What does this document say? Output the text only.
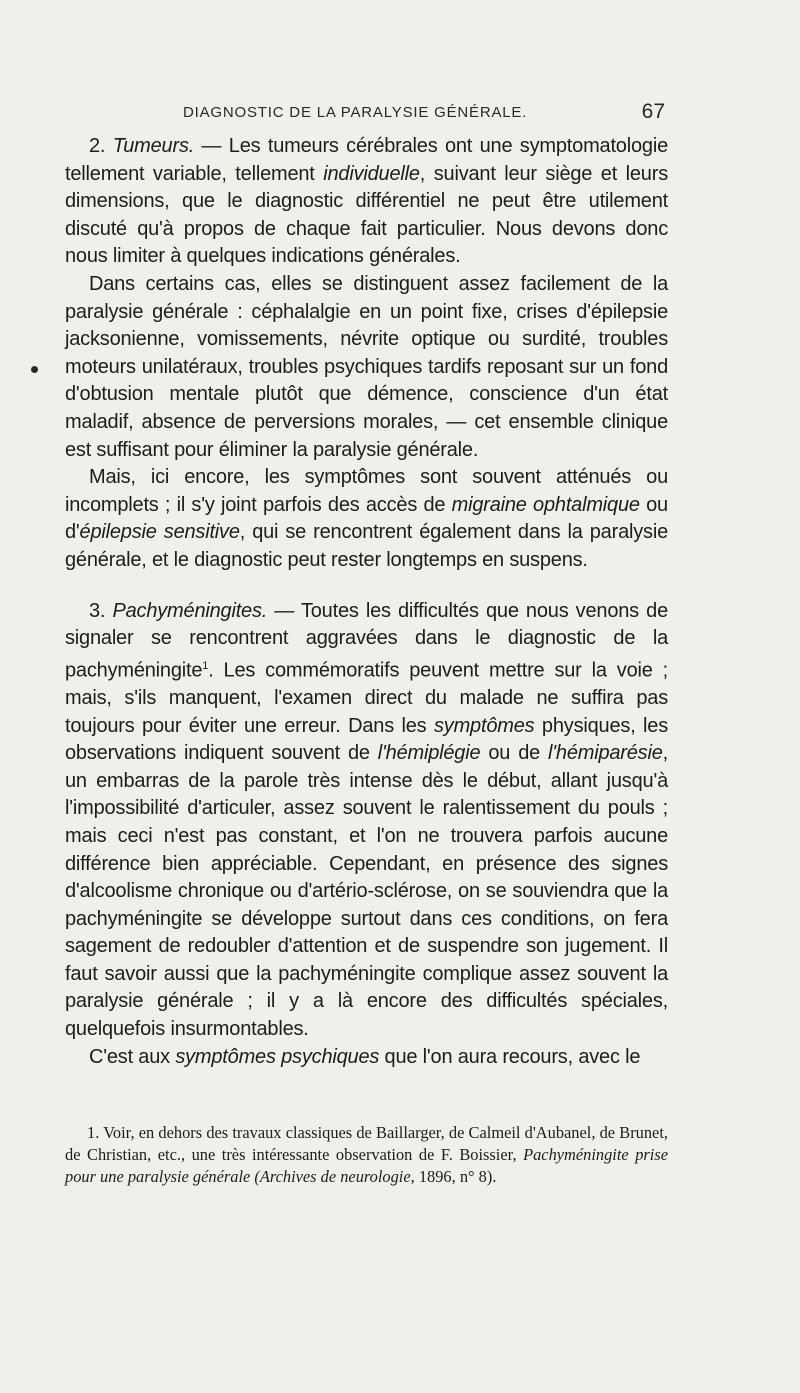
DIAGNOSTIC DE LA PARALYSIE GÉNÉRALE.	67

2. Tumeurs. — Les tumeurs cérébrales ont une symptomatologie tellement variable, tellement individuelle, suivant leur siège et leurs dimensions, que le diagnostic différentiel ne peut être utilement discuté qu'à propos de chaque fait particulier. Nous devons donc nous limiter à quelques indications générales.

Dans certains cas, elles se distinguent assez facilement de la paralysie générale : céphalalgie en un point fixe, crises d'épilepsie jacksonienne, vomissements, névrite optique ou surdité, troubles moteurs unilatéraux, troubles psychiques tardifs reposant sur un fond d'obtusion mentale plutôt que démence, conscience d'un état maladif, absence de perversions morales, — cet ensemble clinique est suffisant pour éliminer la paralysie générale.

Mais, ici encore, les symptômes sont souvent atténués ou incomplets ; il s'y joint parfois des accès de migraine ophtalmique ou d'épilepsie sensitive, qui se rencontrent également dans la paralysie générale, et le diagnostic peut rester longtemps en suspens.

3. Pachyméningites. — Toutes les difficultés que nous venons de signaler se rencontrent aggravées dans le diagnostic de la pachyméningite$^1$. Les commémoratifs peuvent mettre sur la voie ; mais, s'ils manquent, l'examen direct du malade ne suffira pas toujours pour éviter une erreur. Dans les symptômes physiques, les observations indiquent souvent de l'hémiplégie ou de l'hémiparésie, un embarras de la parole très intense dès le début, allant jusqu'à l'impossibilité d'articuler, assez souvent le ralentissement du pouls ; mais ceci n'est pas constant, et l'on ne trouvera parfois aucune différence bien appréciable. Cependant, en présence des signes d'alcoolisme chronique ou d'artério-sclérose, on se souviendra que la pachyméningite se développe surtout dans ces conditions, on fera sagement de redoubler d'attention et de suspendre son jugement. Il faut savoir aussi que la pachyméningite complique assez souvent la paralysie générale ; il y a là encore des difficultés spéciales, quelquefois insurmontables.

C'est aux symptômes psychiques que l'on aura recours, avec le

1. Voir, en dehors des travaux classiques de Baillarger, de Calmeil d'Aubanel, de Brunet, de Christian, etc., une très intéressante observation de F. Boissier, Pachyméningite prise pour une paralysie générale (Archives de neurologie, 1896, n° 8).
